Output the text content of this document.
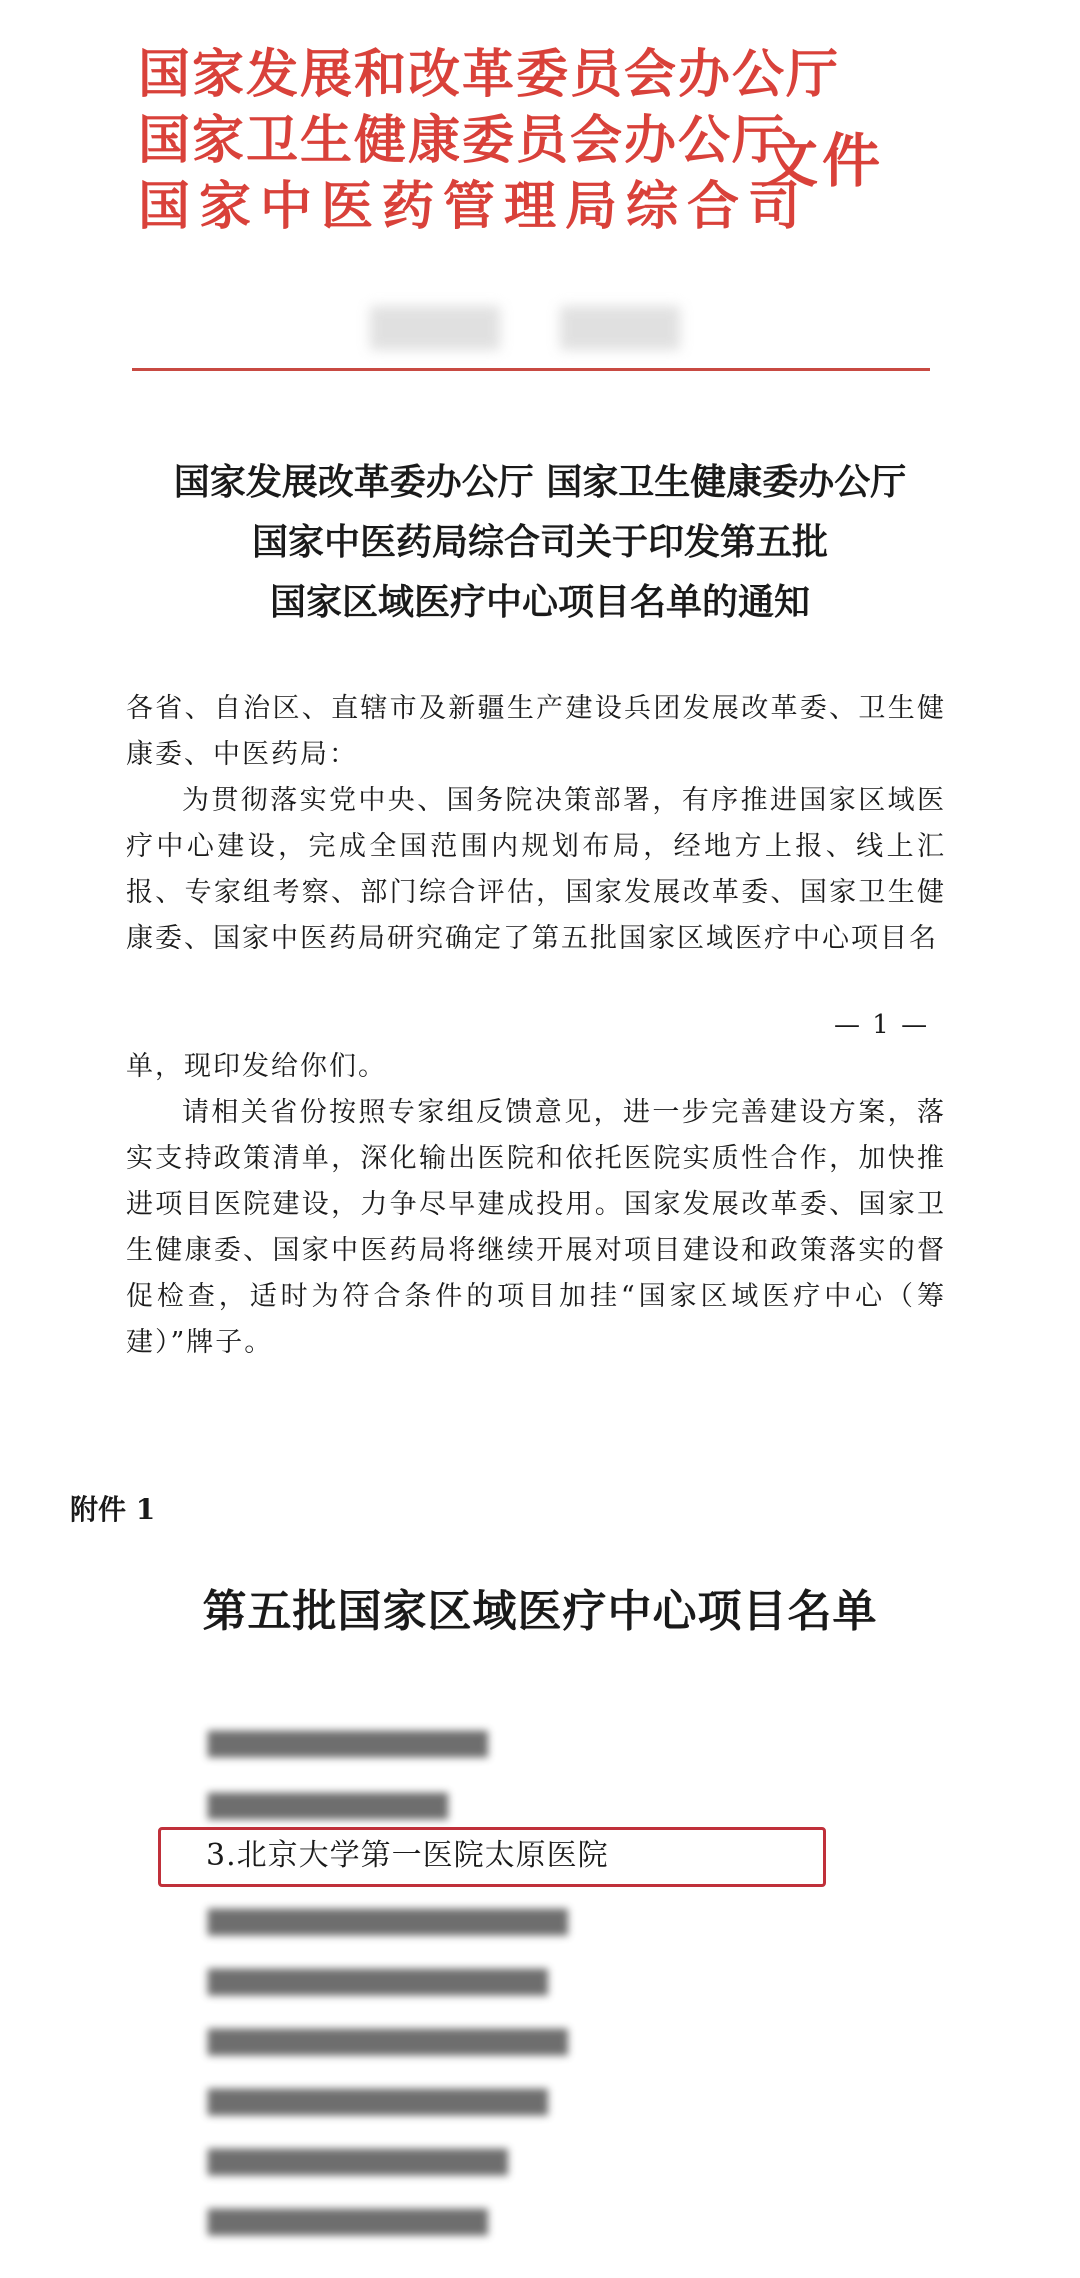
国家发展和改革委员会办公厅
国家卫生健康委员会办公厅
国家中医药管理局综合司
文件
国家发展改革委办公厅 国家卫生健康委办公厅
国家中医药局综合司关于印发第五批
国家区域医疗中心项目名单的通知

各省、自治区、直辖市及新疆生产建设兵团发展改革委、卫生健康委、中医药局：

为贯彻落实党中央、国务院决策部署，有序推进国家区域医疗中心建设，完成全国范围内规划布局，经地方上报、线上汇报、专家组考察、部门综合评估，国家发展改革委、国家卫生健康委、国家中医药局研究确定了第五批国家区域医疗中心项目名

— 1 —

单，现印发给你们。

请相关省份按照专家组反馈意见，进一步完善建设方案，落实支持政策清单，深化输出医院和依托医院实质性合作，加快推进项目医院建设，力争尽早建成投用。国家发展改革委、国家卫生健康委、国家中医药局将继续开展对项目建设和政策落实的督促检查，适时为符合条件的项目加挂“国家区域医疗中心（筹建）”牌子。

附件 1
第五批国家区域医疗中心项目名单
▇▇▇▇▇▇▇▇▇▇▇▇▇▇
▇▇▇▇▇▇▇▇▇▇▇▇
3.北京大学第一医院太原医院
▇▇▇▇▇▇▇▇▇▇▇▇▇▇▇▇▇▇
▇▇▇▇▇▇▇▇▇▇▇▇▇▇▇▇▇
▇▇▇▇▇▇▇▇▇▇▇▇▇▇▇▇▇▇
▇▇▇▇▇▇▇▇▇▇▇▇▇▇▇▇▇
▇▇▇▇▇▇▇▇▇▇▇▇▇▇▇
▇▇▇▇▇▇▇▇▇▇▇▇▇▇
